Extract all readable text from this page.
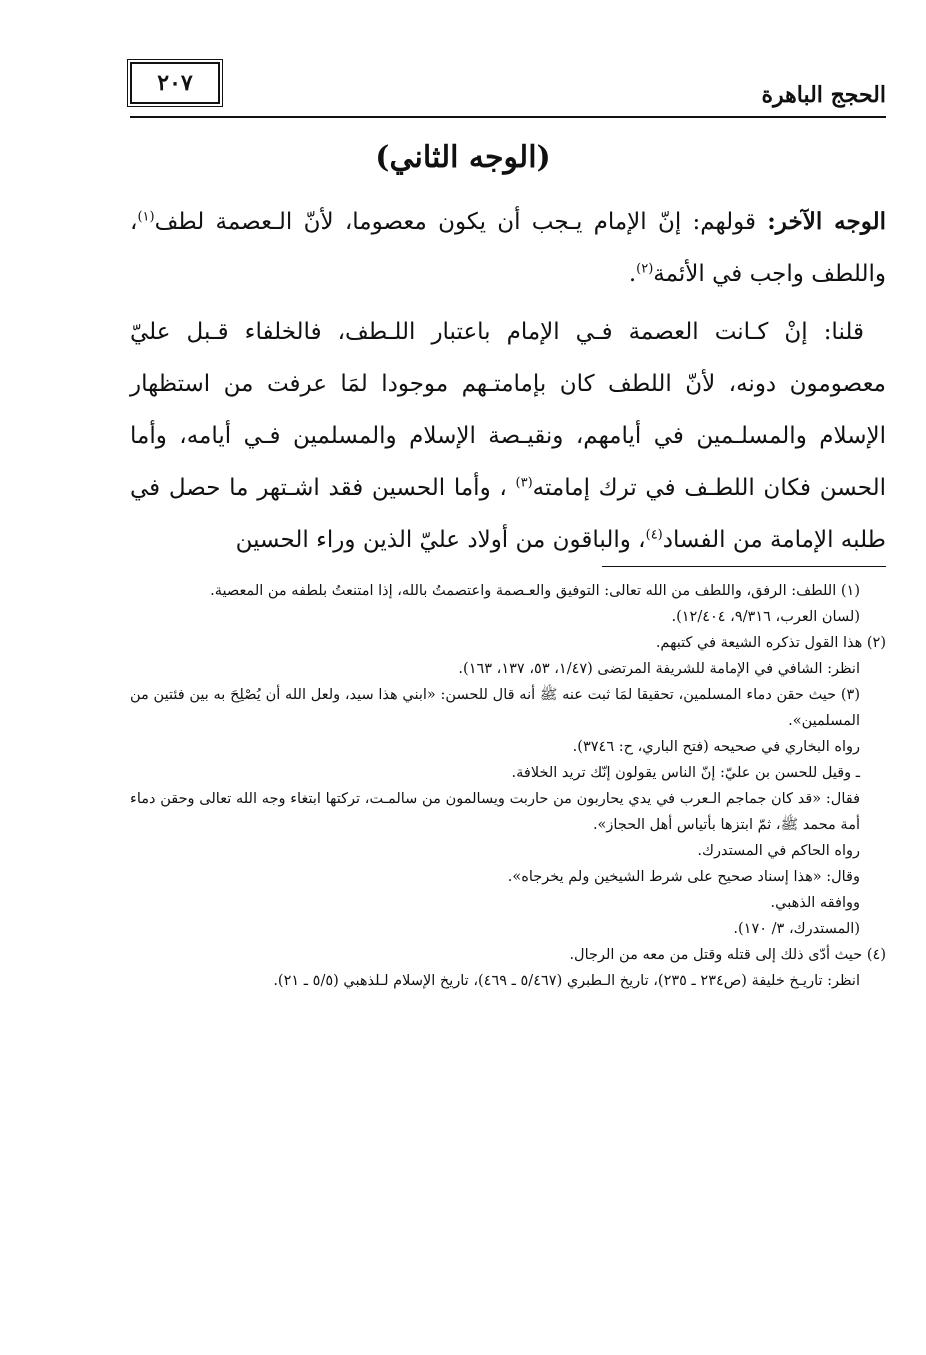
٢٠٧	الحجج الباهرة
(الوجه الثاني)

الوجه الآخر: قولهم: إنّ الإمام يـجب أن يكون معصوما، لأنّ الـعصمة لطف$^{(١)}$، واللطف واجب في الأئمة$^{(٢)}$.

قلنا: إنْ كـانت العصمة فـي الإمام باعتبار اللـطف، فالخلفاء قـبل عليّ معصومون دونه، لأنّ اللطف كان بإمامتـهم موجودا لمَا عرفت من استظهار الإسلام والمسلـمين في أيامهم، ونقيـصة الإسلام والمسلمين فـي أيامه، وأما الحسن فكان اللطـف في ترك إمامته$^{(٣)}$ ، وأما الحسين فقد اشـتهر ما حصل في طلبه الإمامة من الفساد$^{(٤)}$، والباقون من أولاد عليّ الذين وراء الحسين

(١) اللطف: الرفق، واللطف من الله تعالى: التوفيق والعـصمة واعتصمتُ بالله، إذا امتنعتُ بلطفه من المعصية.
(لسان العرب، ٩/٣١٦، ١٢/٤٠٤).
(٢) هذا القول تذكره الشيعة في كتبهم.
انظر: الشافي في الإمامة للشريفة المرتضى (١/٤٧، ٥٣، ١٣٧، ١٦٣).
(٣) حيث حقن دماء المسلمين، تحقيقا لمَا ثبت عنه ﷺ أنه قال للحسن: «ابني هذا سيد، ولعل الله أن يُصْلِحَ به بين فئتين من المسلمين».
رواه البخاري في صحيحه (فتح الباري، ح: ٣٧٤٦).
ـ وقيل للحسن بن عليّ: إنّ الناس يقولون إنّك تريد الخلافة.
فقال: «قد كان جماجم الـعرب في يدي يحاربون من حاربت ويسالمون من سالمـت، تركتها ابتغاء وجه الله تعالى وحقن دماء أمة محمد ﷺ، ثمّ ابتزها بأتياس أهل الحجاز».
رواه الحاكم في المستدرك.
وقال: «هذا إسناد صحيح على شرط الشيخين ولم يخرجاه».
ووافقه الذهبي.
(المستدرك، ٣/ ١٧٠).
(٤) حيث أدّى ذلك إلى قتله وقتل من معه من الرجال.
انظر: تاريـخ خليفة (ص٢٣٤ ـ ٢٣٥)، تاريخ الـطبري (٥/٤٦٧ ـ ٤٦٩)، تاريخ الإسلام لـلذهبي (٥/٥ ـ ٢١).
